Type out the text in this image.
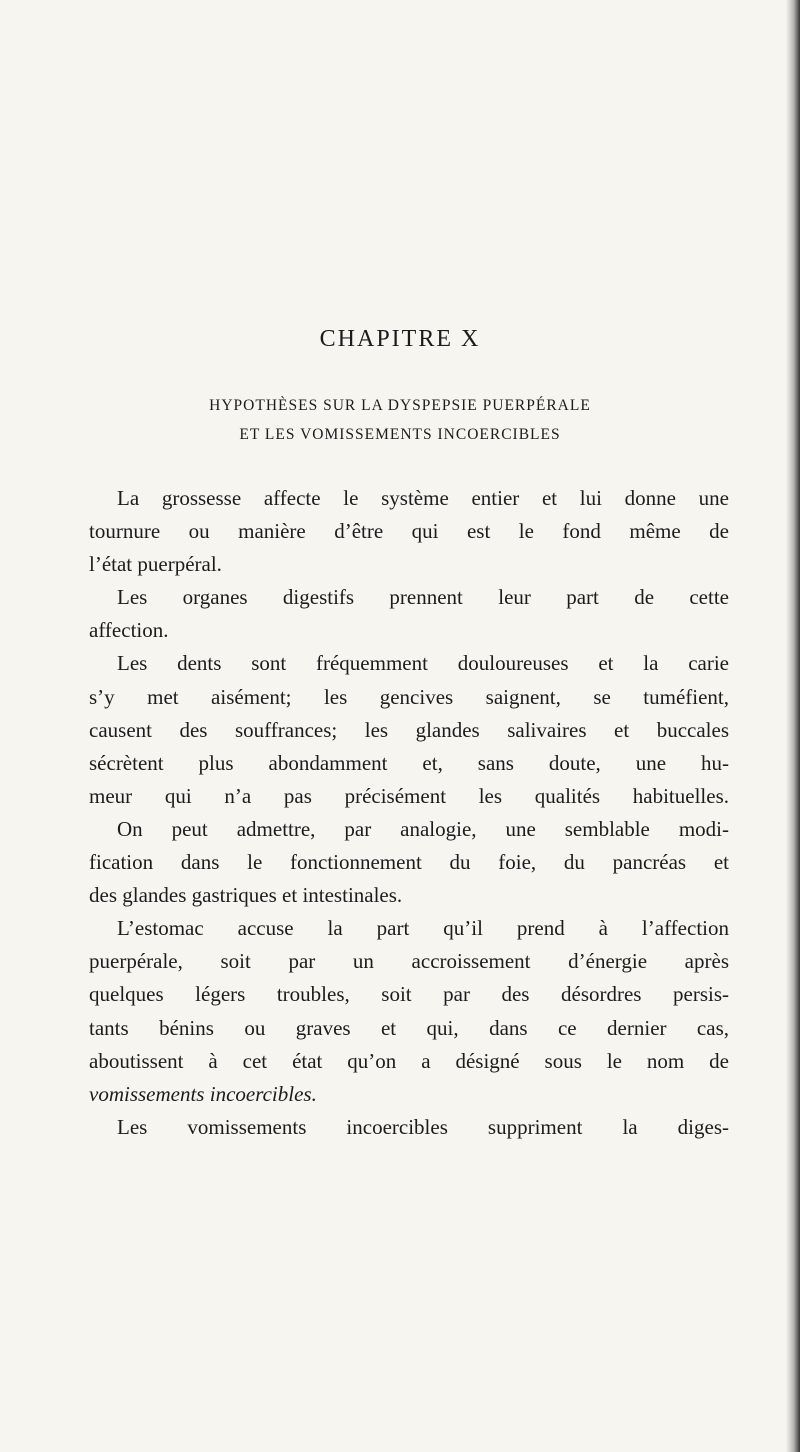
CHAPITRE X
HYPOTHÈSES SUR LA DYSPEPSIE PUERPÉRALE
ET LES VOMISSEMENTS INCOERCIBLES
La grossesse affecte le système entier et lui donne une
tournure ou manière d’être qui est le fond même de
l’état puerpéral.
Les organes digestifs prennent leur part de cette
affection.
Les dents sont fréquemment douloureuses et la carie
s’y met aisément; les gencives saignent, se tuméfient,
causent des souffrances; les glandes salivaires et buccales
sécrètent plus abondamment et, sans doute, une hu-
meur qui n’a pas précisément les qualités habituelles.
On peut admettre, par analogie, une semblable modi-
fication dans le fonctionnement du foie, du pancréas et
des glandes gastriques et intestinales.
L’estomac accuse la part qu’il prend à l’affection
puerpérale, soit par un accroissement d’énergie après
quelques légers troubles, soit par des désordres persis-
tants bénins ou graves et qui, dans ce dernier cas,
aboutissent à cet état qu’on a désigné sous le nom de
vomissements incoercibles.
Les vomissements incoercibles suppriment la diges-
